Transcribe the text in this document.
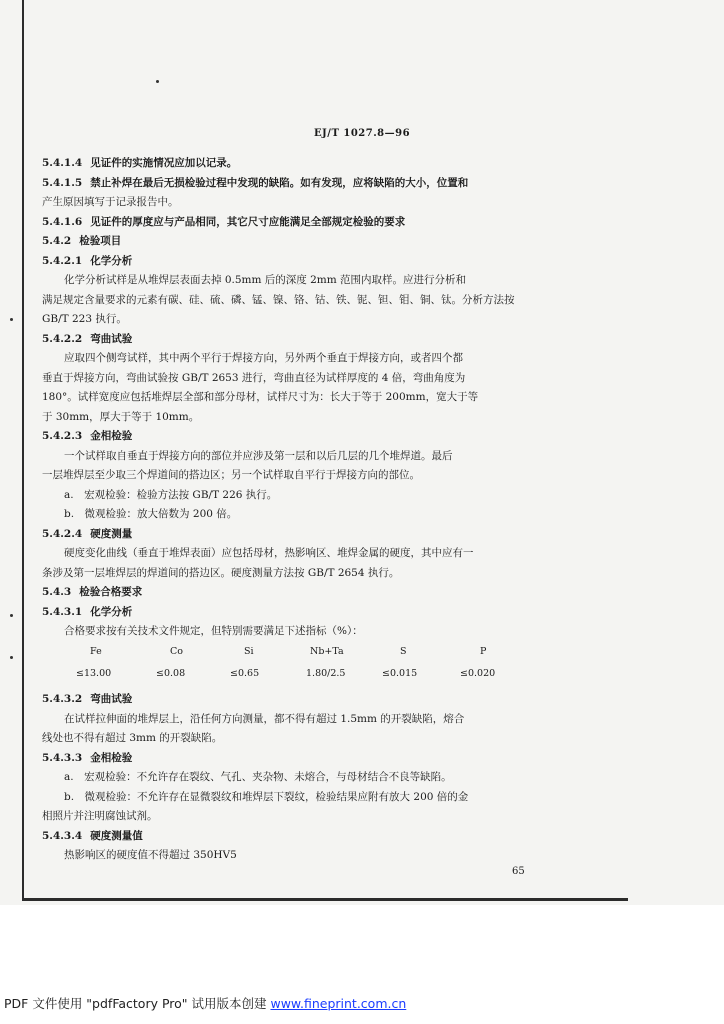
EJ/T 1027.8—96
5.4.1.4 见证件的实施情况应加以记录。
5.4.1.5 禁止补焊在最后无损检验过程中发现的缺陷。如有发现，应将缺陷的大小，位置和
产生原因填写于记录报告中。
5.4.1.6 见证件的厚度应与产品相同，其它尺寸应能满足全部规定检验的要求
5.4.2 检验项目
5.4.2.1 化学分析
化学分析试样是从堆焊层表面去掉 0.5mm 后的深度 2mm 范围内取样。应进行分析和
满足规定含量要求的元素有碳、硅、硫、磷、锰、镍、铬、钴、铁、铌、钽、钼、铜、钛。分析方法按
GB/T 223 执行。
5.4.2.2 弯曲试验
应取四个侧弯试样，其中两个平行于焊接方向，另外两个垂直于焊接方向，或者四个都
垂直于焊接方向，弯曲试验按 GB/T 2653 进行，弯曲直径为试样厚度的 4 倍，弯曲角度为
180°。试样宽度应包括堆焊层全部和部分母材，试样尺寸为：长大于等于 200mm，宽大于等
于 30mm，厚大于等于 10mm。
5.4.2.3 金相检验
一个试样取自垂直于焊接方向的部位并应涉及第一层和以后几层的几个堆焊道。最后
一层堆焊层至少取三个焊道间的搭边区；另一个试样取自平行于焊接方向的部位。
a.　宏观检验：检验方法按 GB/T 226 执行。
b.　微观检验：放大倍数为 200 倍。
5.4.2.4 硬度测量
硬度变化曲线（垂直于堆焊表面）应包括母材，热影响区、堆焊金属的硬度，其中应有一
条涉及第一层堆焊层的焊道间的搭边区。硬度测量方法按 GB/T 2654 执行。
5.4.3 检验合格要求
5.4.3.1 化学分析
合格要求按有关技术文件规定，但特别需要满足下述指标（%）：
Fe	Co	Si	Nb+Ta	S	P
≤13.00	≤0.08	≤0.65	1.80/2.5	≤0.015	≤0.020
5.4.3.2 弯曲试验
在试样拉伸面的堆焊层上，沿任何方向测量，都不得有超过 1.5mm 的开裂缺陷，熔合
线处也不得有超过 3mm 的开裂缺陷。
5.4.3.3 金相检验
a.　宏观检验：不允许存在裂纹、气孔、夹杂物、未熔合，与母材结合不良等缺陷。
b.　微观检验：不允许存在显微裂纹和堆焊层下裂纹，检验结果应附有放大 200 倍的金
相照片并注明腐蚀试剂。
5.4.3.4 硬度测量值
热影响区的硬度值不得超过 350HV5
65
PDF 文件使用 "pdfFactory Pro" 试用版本创建 www.fineprint.com.cn
